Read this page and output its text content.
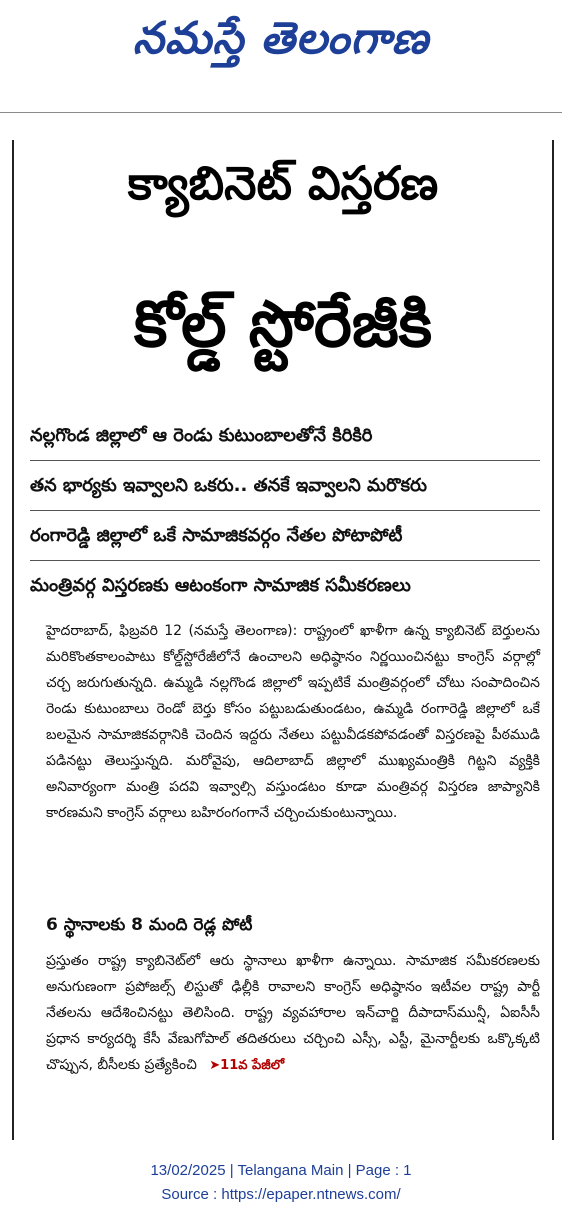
నమస్తే తెలంగాణ
క్యాబినెట్ విస్తరణ
కోల్డ్ స్టోరేజీకి
నల్లగొండ జిల్లాలో ఆ రెండు కుటుంబాలతోనే కిరికిరి
తన భార్యకు ఇవ్వాలని ఒకరు.. తనకే ఇవ్వాలని మరొకరు
రంగారెడ్డి జిల్లాలో ఒకే సామాజికవర్గం నేతల పోటాపోటీ
మంత్రివర్గ విస్తరణకు ఆటంకంగా సామాజిక సమీకరణలు
హైదరాబాద్, ఫిబ్రవరి 12 (నమస్తే తెలంగాణ): రాష్ట్రంలో ఖాళీగా ఉన్న క్యాబినెట్ బెర్తులను మరికొంతకాలంపాటు కోల్డ్‌స్టోరేజీలోనే ఉంచాలని అధిష్ఠానం నిర్ణయించినట్టు కాంగ్రెస్ వర్గాల్లో చర్చ జరుగుతున్నది. ఉమ్మడి నల్లగొండ జిల్లాలో ఇప్పటికే మంత్రివర్గంలో చోటు సంపాదించిన రెండు కుటుంబాలు రెండో బెర్తు కోసం పట్టుబడుతుండటం, ఉమ్మడి రంగారెడ్డి జిల్లాలో ఒకే బలమైన సామాజికవర్గానికి చెందిన ఇద్దరు నేతలు పట్టువీడకపోవడంతో విస్తరణపై పీఠముడి పడినట్టు తెలుస్తున్నది. మరోవైపు, ఆదిలాబాద్ జిల్లాలో ముఖ్యమంత్రికి గిట్టని వ్యక్తికి అనివార్యంగా మంత్రి పదవి ఇవ్వాల్సి వస్తుండటం కూడా మంత్రివర్గ విస్తరణ జాప్యానికి కారణమని కాంగ్రెస్ వర్గాలు బహిరంగంగానే చర్చించుకుంటున్నాయి.
6 స్థానాలకు 8 మంది రెడ్ల పోటీ
ప్రస్తుతం రాష్ట్ర క్యాబినెట్‌లో ఆరు స్థానాలు ఖాళీగా ఉన్నాయి. సామాజిక సమీకరణలకు అనుగుణంగా ప్రపోజల్స్ లిస్టుతో ఢిల్లీకి రావాలని కాంగ్రెస్ అధిష్ఠానం ఇటీవల రాష్ట్ర పార్టీ నేతలను ఆదేశించినట్టు తెలిసింది. రాష్ట్ర వ్యవహారాల ఇన్‌చార్జి దీపాదాస్‌మున్షీ, ఏఐసీసీ ప్రధాన కార్యదర్శి కేసీ వేణుగోపాల్ తదితరులు చర్చించి ఎస్సీ, ఎస్టీ, మైనార్టీలకు ఒక్కొక్కటి చొప్పున, బీసీలకు ప్రత్యేకించి ➤11వ పేజీలో
13/02/2025 | Telangana Main | Page : 1
Source : https://epaper.ntnews.com/
